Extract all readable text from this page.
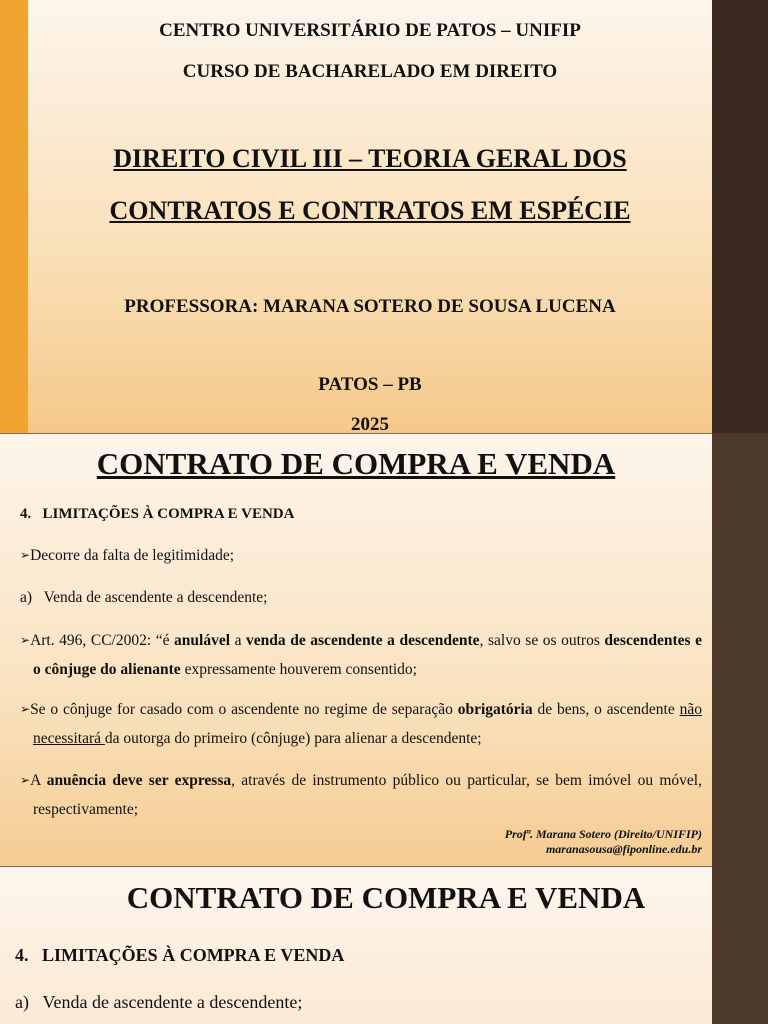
CENTRO UNIVERSITÁRIO DE PATOS – UNIFIP
CURSO DE BACHARELADO EM DIREITO
DIREITO CIVIL III – TEORIA GERAL DOS
CONTRATOS E CONTRATOS EM ESPÉCIE
PROFESSORA: MARANA SOTERO DE SOUSA LUCENA
PATOS – PB
2025
CONTRATO DE COMPRA E VENDA
4.   LIMITAÇÕES À COMPRA E VENDA
➢Decorre da falta de legitimidade;
a)   Venda de ascendente a descendente;
➢Art. 496, CC/2002: “é anulável a venda de ascendente a descendente, salvo se os outros descendentes e o cônjuge do alienante expressamente houverem consentido;
➢Se o cônjuge for casado com o ascendente no regime de separação obrigatória de bens, o ascendente não necessitará da outorga do primeiro (cônjuge) para alienar a descendente;
➢A anuência deve ser expressa, através de instrumento público ou particular, se bem imóvel ou móvel, respectivamente;
Profª. Marana Sotero (Direito/UNIFIP)
maranasousa@fiponline.edu.br
CONTRATO DE COMPRA E VENDA
4.   LIMITAÇÕES À COMPRA E VENDA
a)   Venda de ascendente a descendente;
